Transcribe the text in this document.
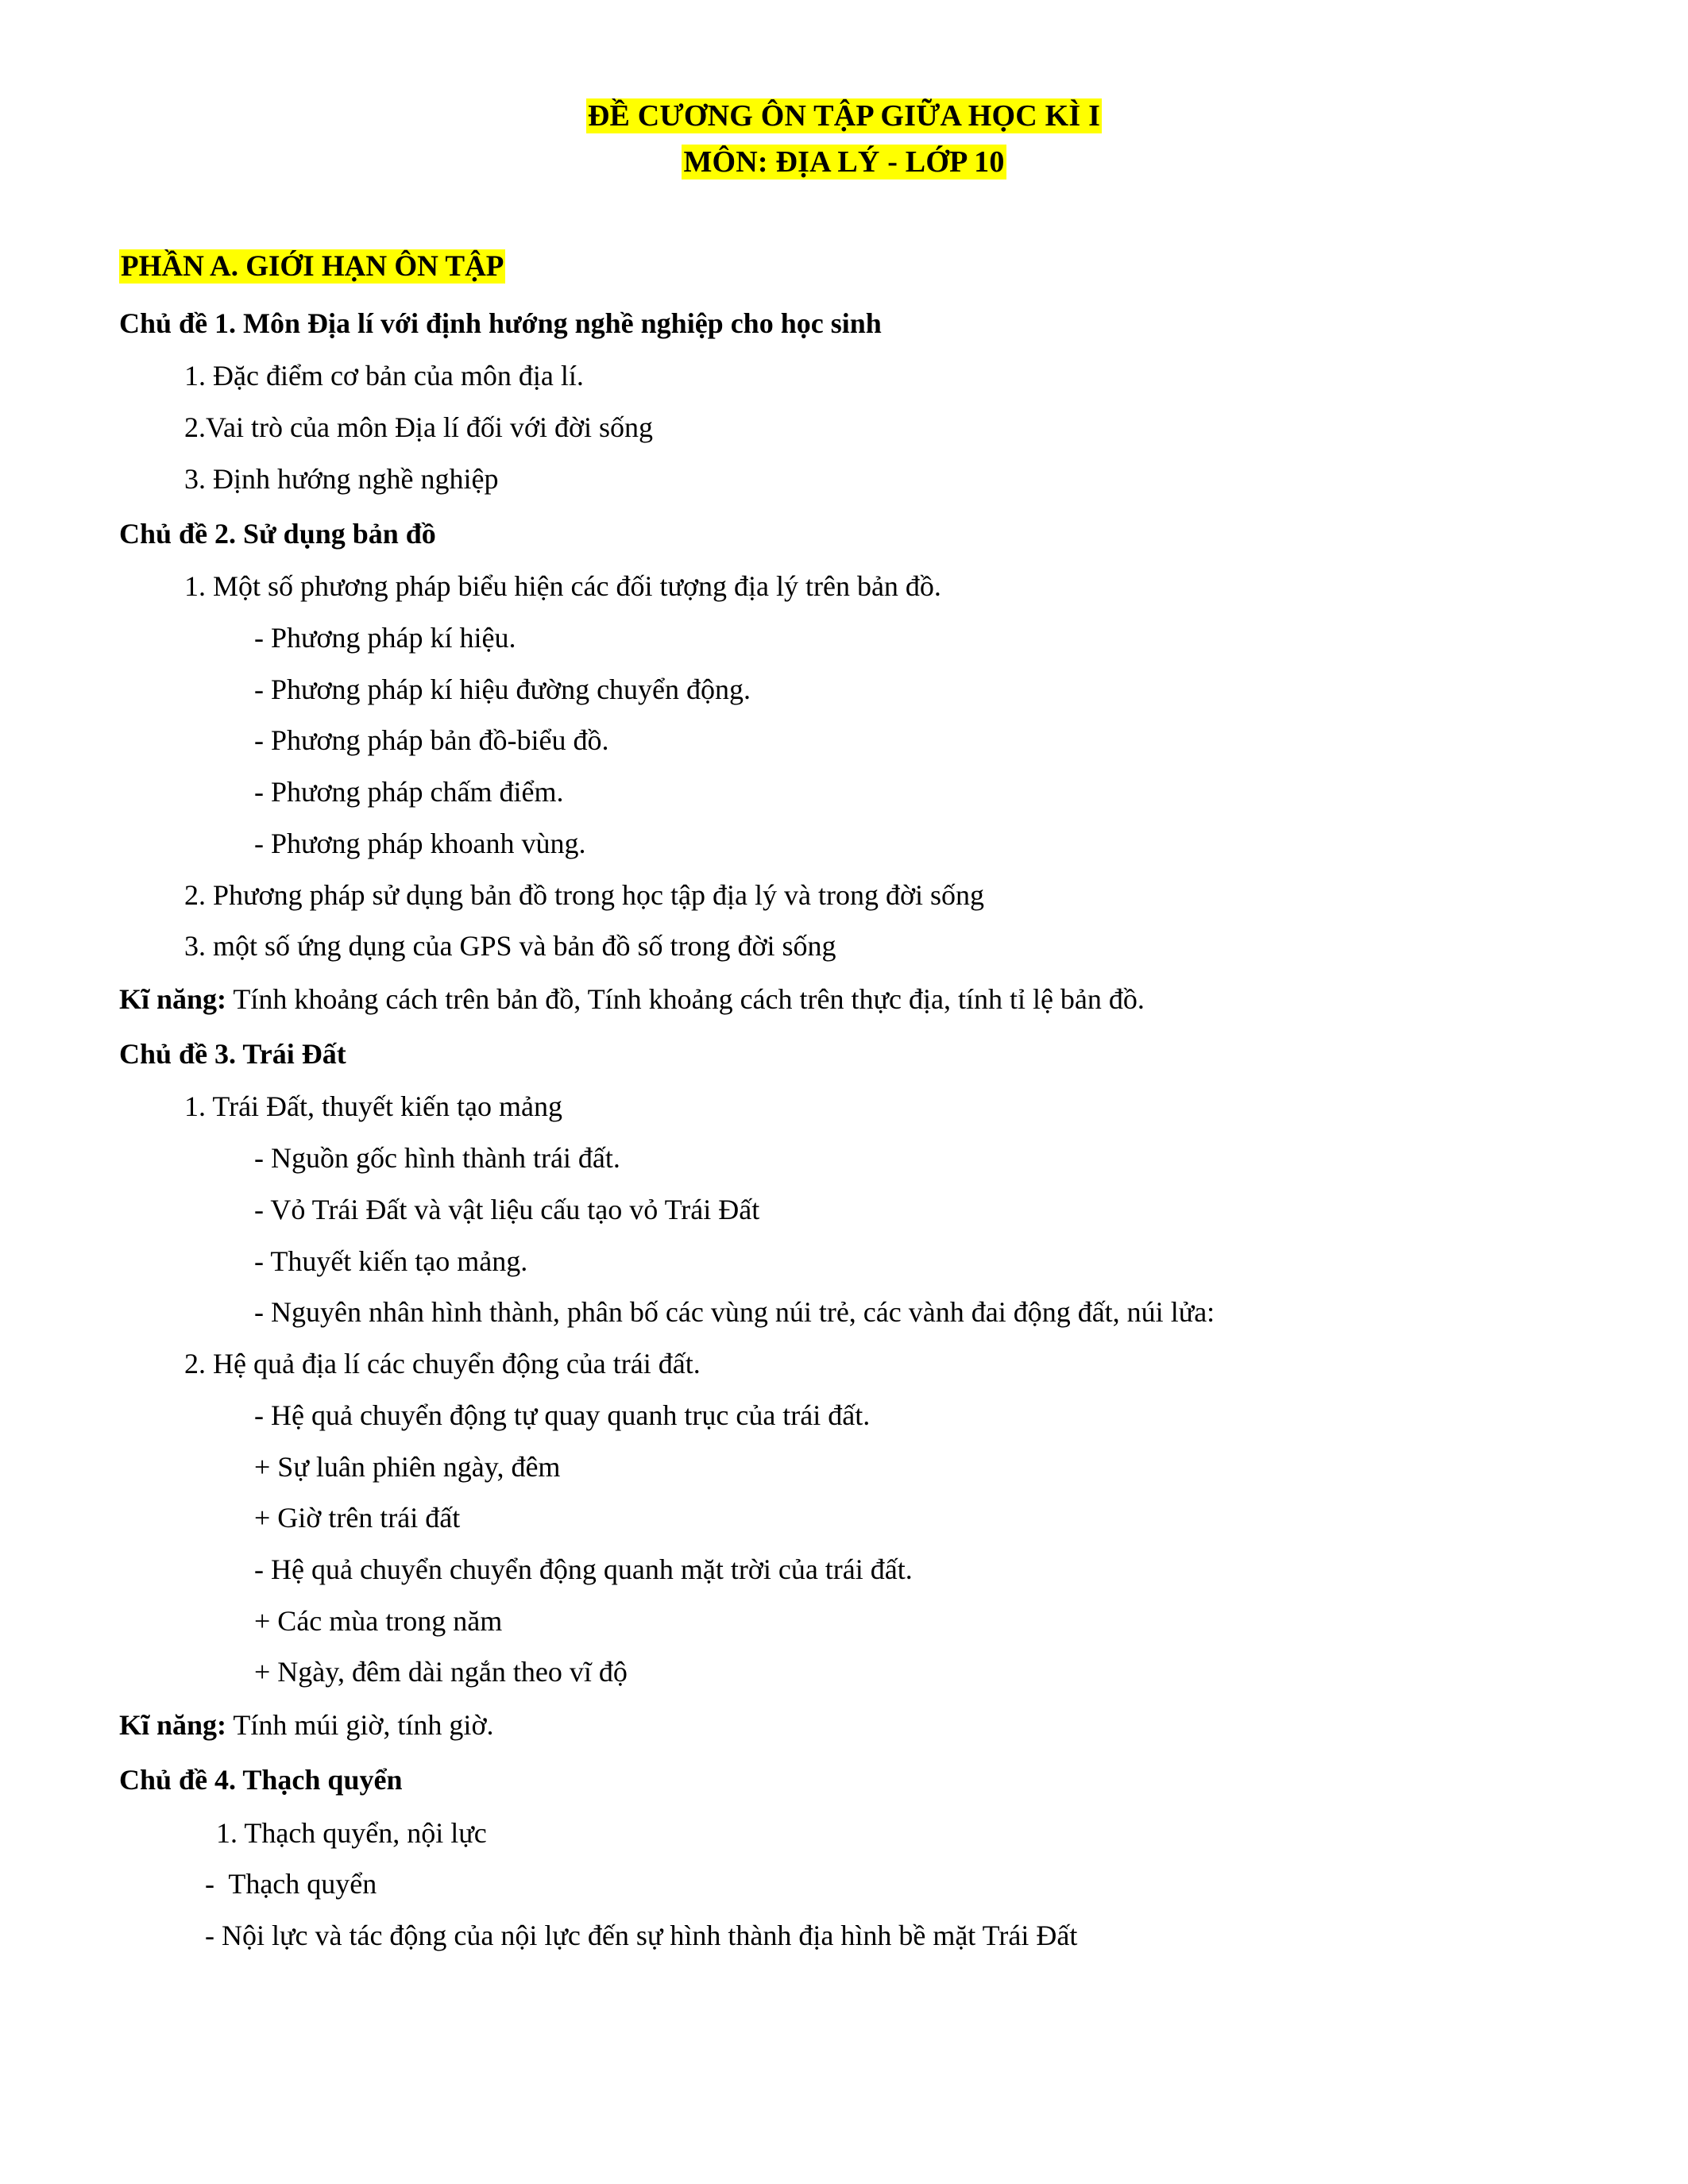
ĐỀ CƯƠNG ÔN TẬP GIỮA HỌC KÌ I
MÔN: ĐỊA LÝ - LỚP 10
PHẦN A. GIỚI HẠN ÔN TẬP
Chủ đề 1. Môn Địa lí với định hướng nghề nghiệp cho học sinh
1. Đặc điểm cơ bản của môn địa lí.
2.Vai trò của môn Địa lí đối với đời sống
3. Định hướng nghề nghiệp
Chủ đề 2. Sử dụng bản đồ
1. Một số phương pháp biểu hiện các đối tượng địa lý trên bản đồ.
- Phương pháp kí hiệu.
- Phương pháp kí hiệu đường chuyển động.
- Phương pháp bản đồ-biểu đồ.
- Phương pháp chấm điểm.
- Phương pháp khoanh vùng.
2. Phương pháp sử dụng bản đồ trong học tập địa lý và trong đời sống
3. một số ứng dụng của GPS và bản đồ số trong đời sống
Kĩ năng: Tính khoảng cách trên bản đồ, Tính khoảng cách trên thực địa, tính tỉ lệ bản đồ.
Chủ đề 3. Trái Đất
1. Trái Đất, thuyết kiến tạo mảng
- Nguồn gốc hình thành trái đất.
- Vỏ Trái Đất và vật liệu cấu tạo vỏ Trái Đất
- Thuyết kiến tạo mảng.
- Nguyên nhân hình thành, phân bố các vùng núi trẻ, các vành đai động đất, núi lửa:
2. Hệ quả địa lí các chuyển động của trái đất.
- Hệ quả chuyển động tự quay quanh trục của trái đất.
+ Sự luân phiên ngày, đêm
+ Giờ trên trái đất
- Hệ quả chuyển chuyển động quanh mặt trời của trái đất.
+ Các mùa trong năm
+ Ngày, đêm dài ngắn theo vĩ độ
Kĩ năng: Tính múi giờ, tính giờ.
Chủ đề 4. Thạch quyển
1. Thạch quyển, nội lực
-  Thạch quyển
- Nội lực và tác động của nội lực đến sự hình thành địa hình bề mặt Trái Đất
